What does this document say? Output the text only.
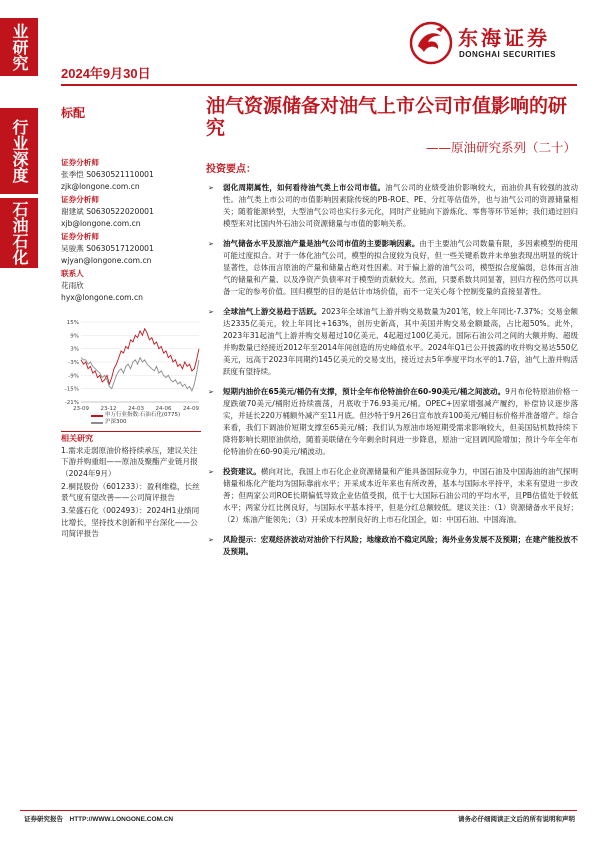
业研究
行业深度
石油石化
2024年9月30日
东海证券
DONGHAI SECURITIES
标配	油气资源储备对油气上市公司市值影响的研究
——原油研究系列（二十）
证券分析师
张季恺 S0630521110001
zjk@longone.com.cn
证券分析师
谢建斌 S0630522020001
xjb@longone.com.cn
证券分析师
吴骏燕 S0630517120001
wjyan@longone.com.cn
联系人
花雨欣
hyx@longone.com.cn
15%
9%
3%
-3%
-9%
-15%
-21%
23-09 23-12 24-03 24-06 24-09
申万行业指数:石油石化(0775)
沪深300
相关研究
1.需求走弱原油价格持续承压，建议关注下游并购重组——原油及聚酯产业链月报（2024年9月）
2.桐昆股份（601233）：盈利维稳，长丝景气度有望改善——公司简评报告
3.荣盛石化（002493）：2024H1业绩同比增长，坚持技术创新和平台深化——公司简评报告
投资要点：
➢ 弱化周期属性，如何看待油气类上市公司市值。油气公司的业绩受油价影响较大，而油价具有较强的波动性。油气类上市公司的市值影响因素除传统的PB-ROE、PE、分红等估值外，也与油气公司的资源储量相关；随着能源转型，大型油气公司也实行多元化，同时产业链向下游炼化、零售等环节延伸；我们通过回归模型来对比国内外石油公司资源储量与市值的影响关系。
➢ 油气储备水平及原油产量是油气公司市值的主要影响因素。由于主要油气公司数量有限，多因素模型的使用可能过度拟合。对于一体化油气公司，模型的拟合度较为良好，但一些关键系数并未单独表现出明显的统计显著性，总体而言原油的产量和储量占绝对性因素。对于偏上游的油气公司，模型拟合度偏弱，总体而言油气的储量和产量、以及净资产负债率对于模型的贡献较大。然而，只要系数共同显著，回归方程仍然可以具备一定的参考价值。回归模型的目的是估计市场价值，而不一定关心每个控制变量的直接显著性。
➢ 全球油气上游交易趋于活跃。2023年全球油气上游并购交易数量为201笔，较上年同比-7.37%；交易金额达2335亿美元，较上年同比+163%，创历史新高，其中美国并购交易金额最高，占比超50%。此外，2023年31起油气上游并购交易超过10亿美元、4起超过100亿美元。国际石油公司之间的大额并购、超级并购数量已经接近2012年至2014年间创造的历史峰值水平。2024年Q1已公开披露的收并购交易达550亿美元，远高于2023年同期约145亿美元的交易支出，接近过去5年季度平均水平的1.7倍，油气上游并购活跃度有望持续。
➢ 短期内油价在65美元/桶仍有支撑，预计全年布伦特油价在60-90美元/桶之间波动。9月布伦特原油价格一度跌破70美元/桶附近持续震荡，月底收于76.93美元/桶。OPEC+因家增强减产履约，补偿协议逐步落实，并延长220万桶额外减产至11月底。但沙特于9月26日宣布放弃100美元/桶目标价格并准备增产。综合来看，我们下调油价短期支撑至65美元/桶；我们认为原油市场短期受需求影响较大，但美国钻机数持续下降将影响长期原油供给，随着美联储在今年剩余时间进一步降息，原油一定回调风险增加；预计今年全年布伦特油价在60-90美元/桶波动。
➢ 投资建议。横向对比，我国上市石化企业资源储量和产能具备国际竞争力，中国石油及中国海油的油气探明储量和炼化产能均为国际靠前水平；开采成本近年来也有所改善，基本与国际水平持平，未来有望进一步改善；但两家公司ROE长期偏低导致企业估值受损，低于七大国际石油公司的平均水平，且PB估值处于较低水平；两家分红比例良好，与国际水平基本持平，但是分红总额较低。建议关注：（1）资源储备水平良好；（2）炼油产能领先；（3）开采成本控制良好的上市石化国企，如：中国石油、中国海油。
➢ 风险提示：宏观经济波动对油价下行风险；地缘政治不稳定风险；海外业务发展不及预期；在建产能投放不及预期。
证券研究报告　HTTP://WWW.LONGONE.COM.CN	请务必仔细阅读正文后的所有说明和声明
